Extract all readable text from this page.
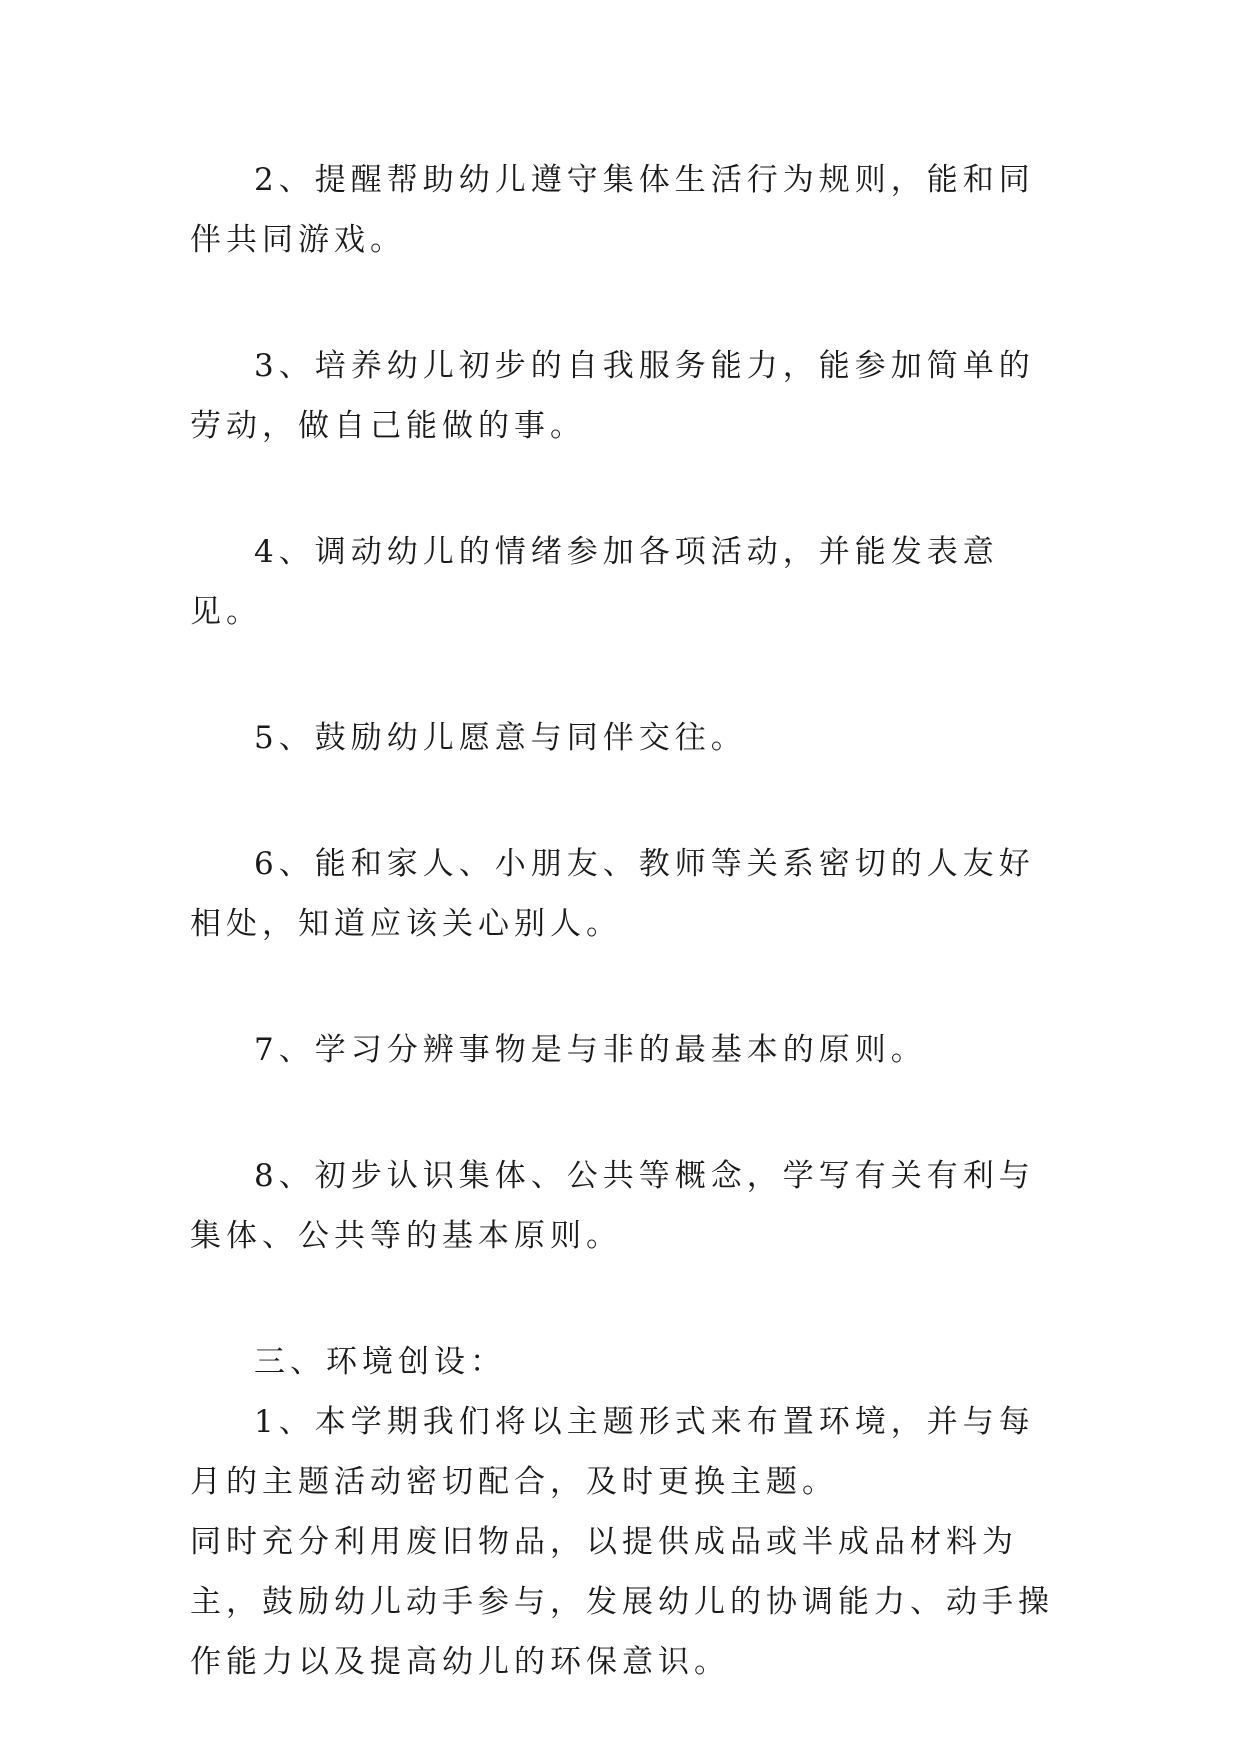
2、提醒帮助幼儿遵守集体生活行为规则，能和同伴共同游戏。

3、培养幼儿初步的自我服务能力，能参加简单的劳动，做自己能做的事。

4、调动幼儿的情绪参加各项活动，并能发表意见。

5、鼓励幼儿愿意与同伴交往。

6、能和家人、小朋友、教师等关系密切的人友好相处，知道应该关心别人。

7、学习分辨事物是与非的最基本的原则。

8、初步认识集体、公共等概念，学写有关有利与集体、公共等的基本原则。

三、环境创设：

1、本学期我们将以主题形式来布置环境，并与每月的主题活动密切配合，及时更换主题。

同时充分利用废旧物品，以提供成品或半成品材料为主，鼓励幼儿动手参与，发展幼儿的协调能力、动手操作能力以及提高幼儿的环保意识。
